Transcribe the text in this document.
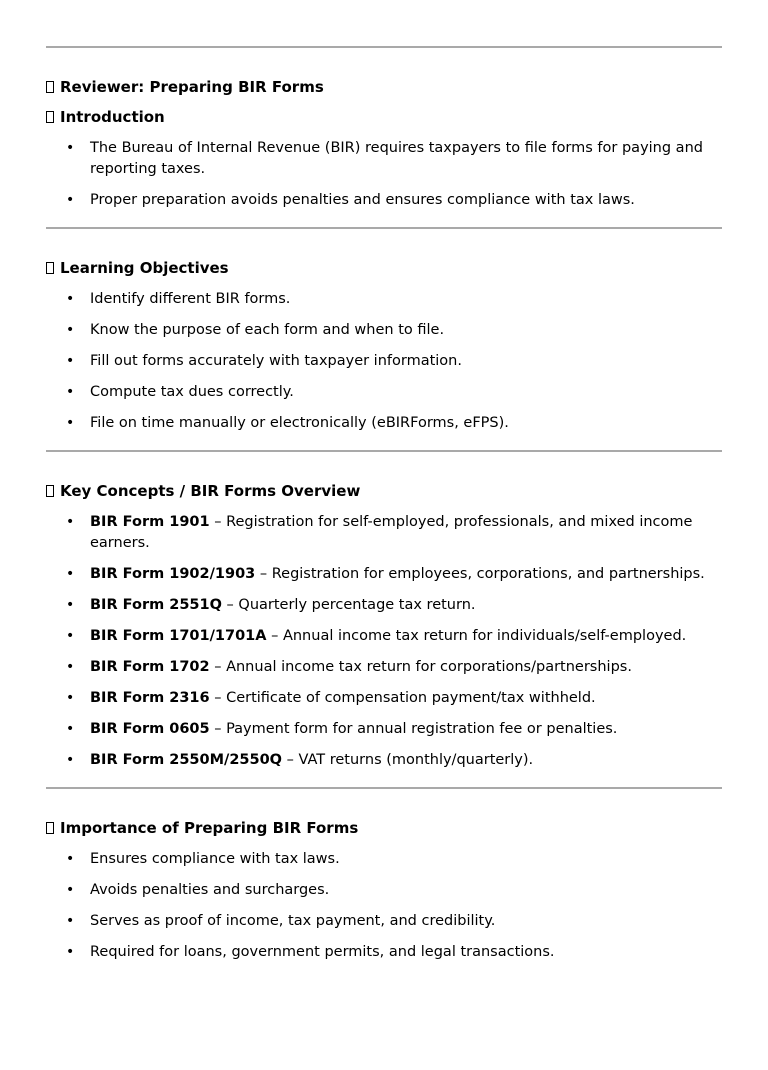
Reviewer: Preparing BIR Forms
Introduction
• The Bureau of Internal Revenue (BIR) requires taxpayers to file forms for paying and reporting taxes.
• Proper preparation avoids penalties and ensures compliance with tax laws.
Learning Objectives
• Identify different BIR forms.
• Know the purpose of each form and when to file.
• Fill out forms accurately with taxpayer information.
• Compute tax dues correctly.
• File on time manually or electronically (eBIRForms, eFPS).
Key Concepts / BIR Forms Overview
• BIR Form 1901 – Registration for self-employed, professionals, and mixed income earners.
• BIR Form 1902/1903 – Registration for employees, corporations, and partnerships.
• BIR Form 2551Q – Quarterly percentage tax return.
• BIR Form 1701/1701A – Annual income tax return for individuals/self-employed.
• BIR Form 1702 – Annual income tax return for corporations/partnerships.
• BIR Form 2316 – Certificate of compensation payment/tax withheld.
• BIR Form 0605 – Payment form for annual registration fee or penalties.
• BIR Form 2550M/2550Q – VAT returns (monthly/quarterly).
Importance of Preparing BIR Forms
• Ensures compliance with tax laws.
• Avoids penalties and surcharges.
• Serves as proof of income, tax payment, and credibility.
• Required for loans, government permits, and legal transactions.
